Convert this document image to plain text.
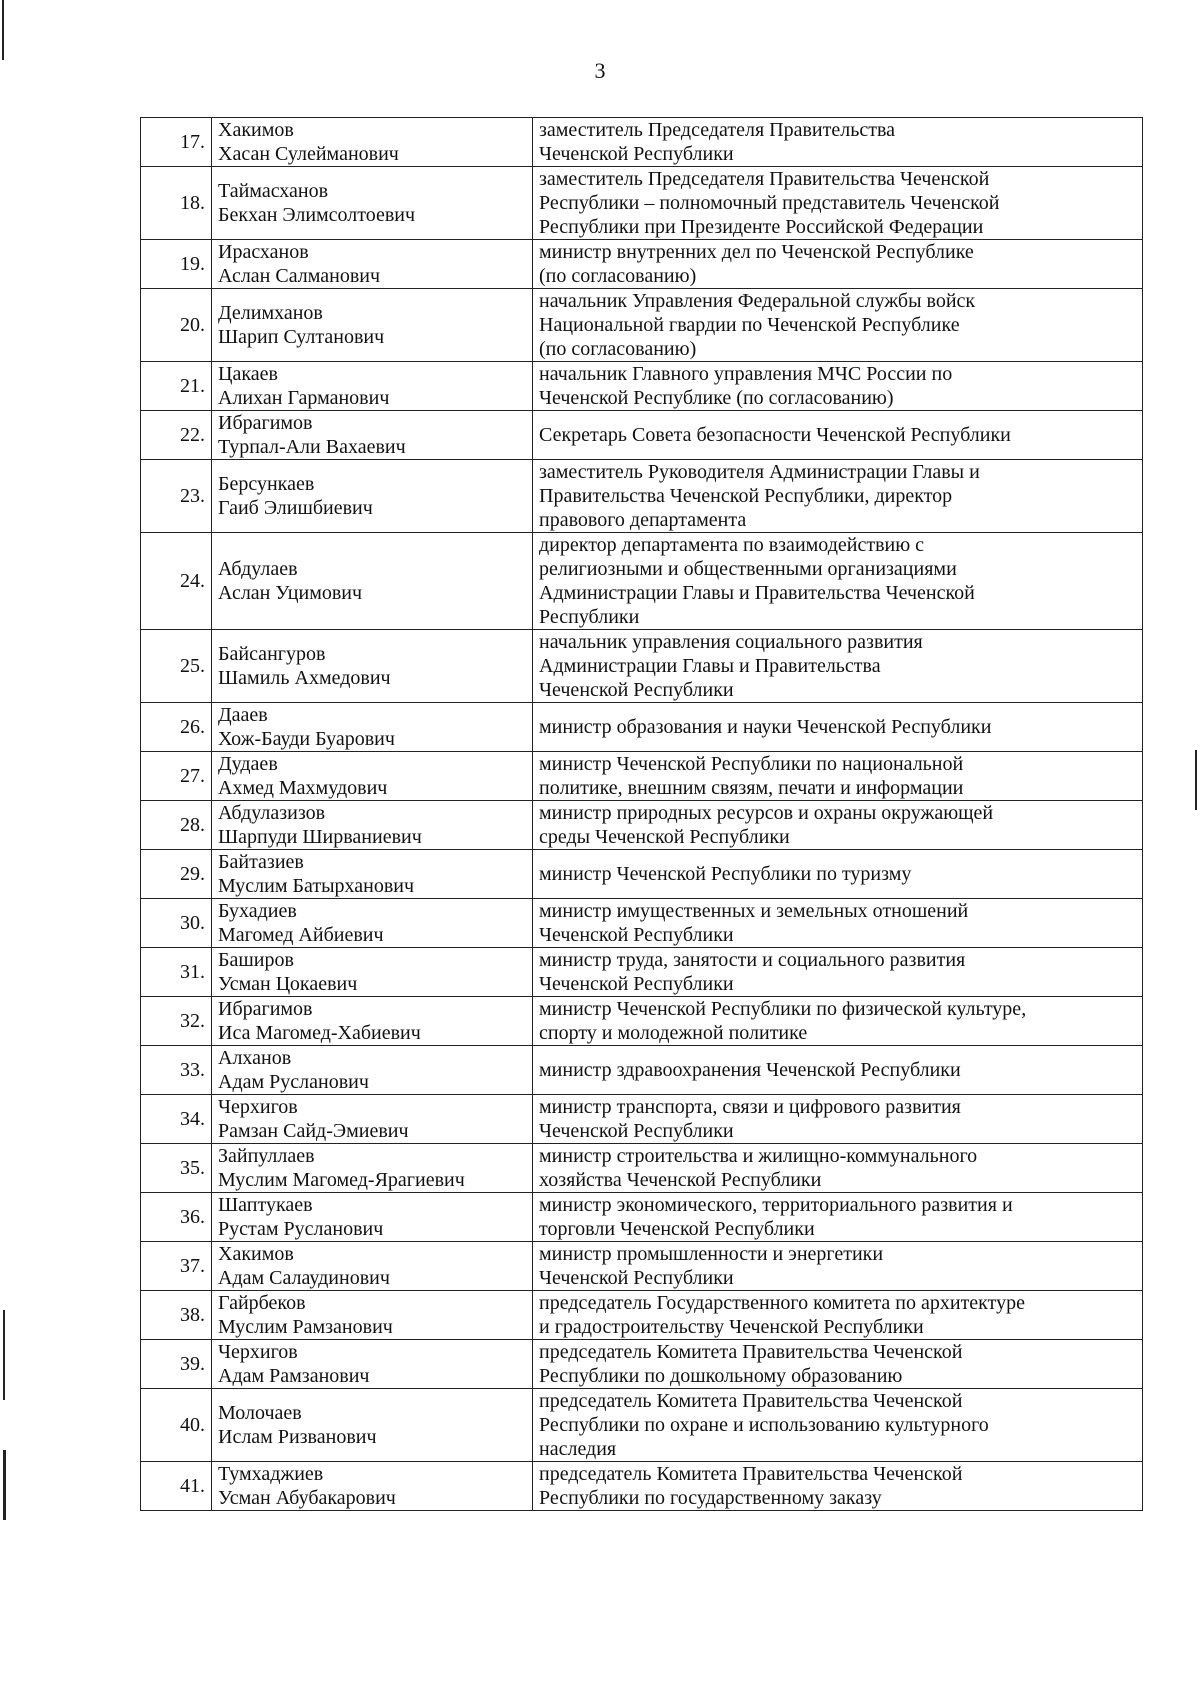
3
17.	Хакимов
Хасан Сулейманович	заместитель Председателя Правительства
Чеченской Республики

18.	Таймасханов
Бекхан Элимсолтоевич	заместитель Председателя Правительства Чеченской
Республики – полномочный представитель Чеченской
Республики при Президенте Российской Федерации

19.	Ирасханов
Аслан Салманович	министр внутренних дел по Чеченской Республике
(по согласованию)

20.	Делимханов
Шарип Султанович	начальник Управления Федеральной службы войск
Национальной гвардии по Чеченской Республике
(по согласованию)

21.	Цакаев
Алихан Гарманович	начальник Главного управления МЧС России по
Чеченской Республике (по согласованию)

22.	Ибрагимов
Турпал-Али Вахаевич	Секретарь Совета безопасности Чеченской Республики

23.	Берсункаев
Гаиб Элишбиевич	заместитель Руководителя Администрации Главы и
Правительства Чеченской Республики, директор
правового департамента

24.	Абдулаев
Аслан Уцимович	директор департамента по взаимодействию с
религиозными и общественными организациями
Администрации Главы и Правительства Чеченской
Республики

25.	Байсангуров
Шамиль Ахмедович	начальник управления социального развития
Администрации Главы и Правительства
Чеченской Республики

26.	Дааев
Хож-Бауди Буарович	министр образования и науки Чеченской Республики

27.	Дудаев
Ахмед Махмудович	министр Чеченской Республики по национальной
политике, внешним связям, печати и информации

28.	Абдулазизов
Шарпуди Ширваниевич	министр природных ресурсов и охраны окружающей
среды Чеченской Республики

29.	Байтазиев
Муслим Батырханович	министр Чеченской Республики по туризму

30.	Бухадиев
Магомед Айбиевич	министр имущественных и земельных отношений
Чеченской Республики

31.	Баширов
Усман Цокаевич	министр труда, занятости и социального развития
Чеченской Республики

32.	Ибрагимов
Иса Магомед-Хабиевич	министр Чеченской Республики по физической культуре,
спорту и молодежной политике

33.	Алханов
Адам Русланович	министр здравоохранения Чеченской Республики

34.	Черхигов
Рамзан Сайд-Эмиевич	министр транспорта, связи и цифрового развития
Чеченской Республики

35.	Зайпуллаев
Муслим Магомед-Ярагиевич	министр строительства и жилищно-коммунального
хозяйства Чеченской Республики

36.	Шаптукаев
Рустам Русланович	министр экономического, территориального развития и
торговли Чеченской Республики

37.	Хакимов
Адам Салаудинович	министр промышленности и энергетики
Чеченской Республики

38.	Гайрбеков
Муслим Рамзанович	председатель Государственного комитета по архитектуре
и градостроительству Чеченской Республики

39.	Черхигов
Адам Рамзанович	председатель Комитета Правительства Чеченской
Республики по дошкольному образованию

40.	Молочаев
Ислам Ризванович	председатель Комитета Правительства Чеченской
Республики по охране и использованию культурного
наследия

41.	Тумхаджиев
Усман Абубакарович	председатель Комитета Правительства Чеченской
Республики по государственному заказу
